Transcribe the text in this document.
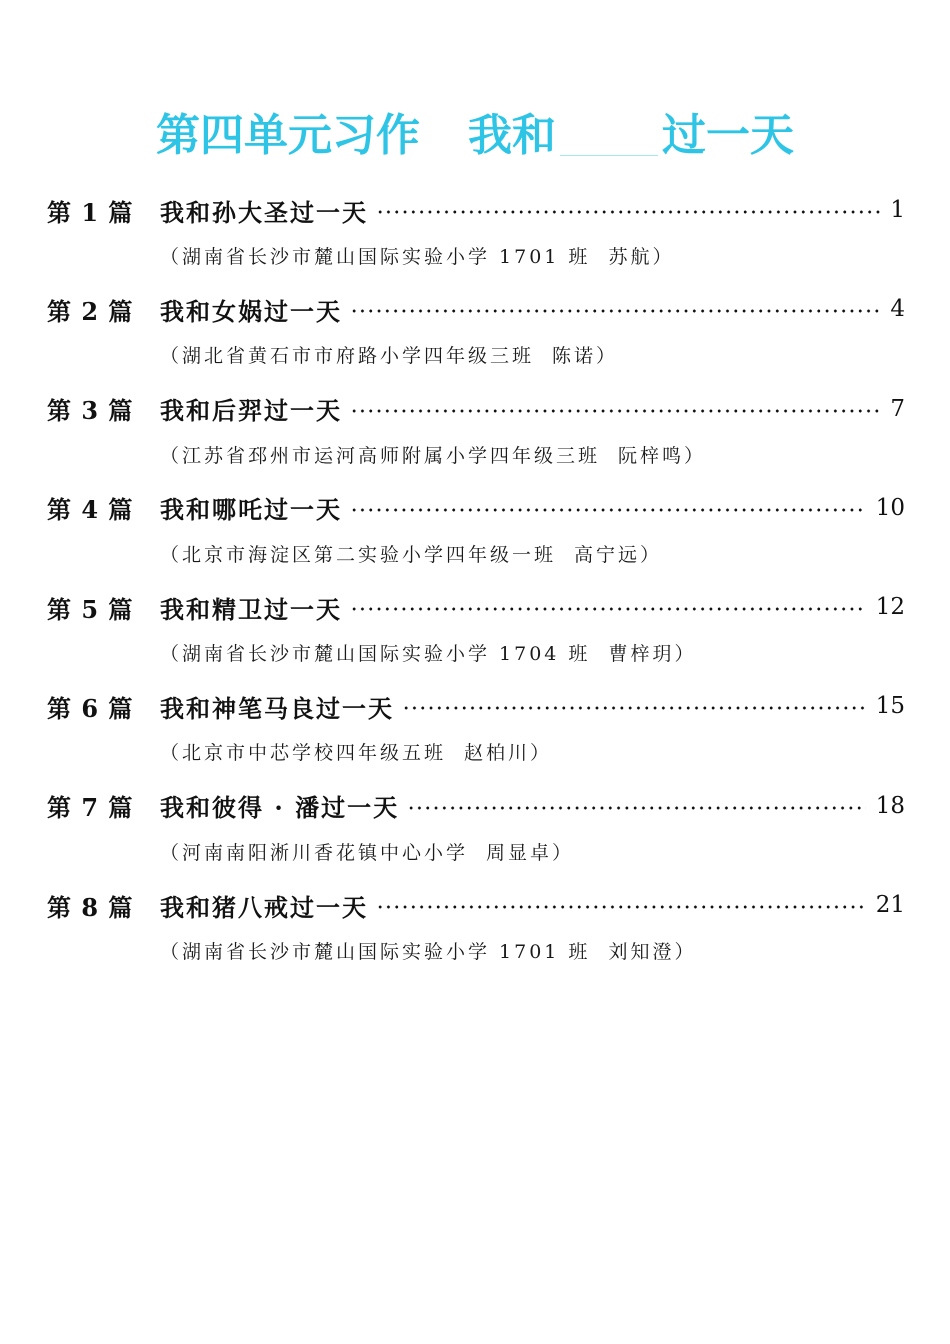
第四单元习作 我和 过一天
第 1 篇	我和孙大圣过一天	1
（湖南省长沙市麓山国际实验小学 1701 班 苏航）
第 2 篇	我和女娲过一天	4
（湖北省黄石市市府路小学四年级三班 陈诺）
第 3 篇	我和后羿过一天	7
（江苏省邳州市运河高师附属小学四年级三班 阮梓鸣）
第 4 篇	我和哪吒过一天	10
（北京市海淀区第二实验小学四年级一班 高宁远）
第 5 篇	我和精卫过一天	12
（湖南省长沙市麓山国际实验小学 1704 班 曹梓玥）
第 6 篇	我和神笔马良过一天	15
（北京市中芯学校四年级五班 赵柏川）
第 7 篇	我和彼得 · 潘过一天	18
（河南南阳淅川香花镇中心小学 周显卓）
第 8 篇	我和猪八戒过一天	21
（湖南省长沙市麓山国际实验小学 1701 班 刘知澄）
